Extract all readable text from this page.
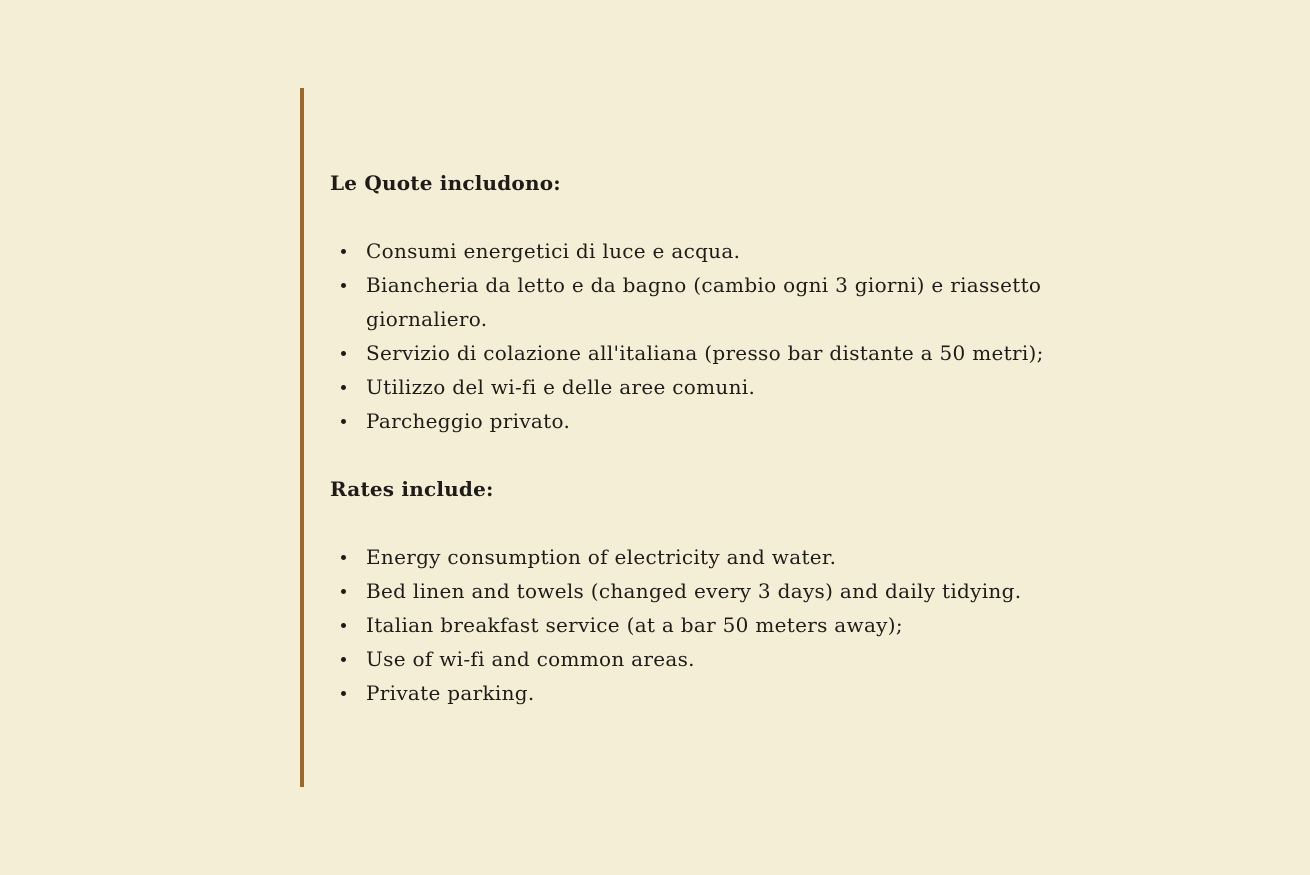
Le Quote includono:
Consumi energetici di luce e acqua.
Biancheria da letto e da bagno (cambio ogni 3 giorni) e riassetto
giornaliero.
Servizio di colazione all'italiana (presso bar distante a 50 metri);
Utilizzo del wi-fi e delle aree comuni.
Parcheggio privato.
Rates include:
Energy consumption of electricity and water.
Bed linen and towels (changed every 3 days) and daily tidying.
Italian breakfast service (at a bar 50 meters away);
Use of wi-fi and common areas.
Private parking.
